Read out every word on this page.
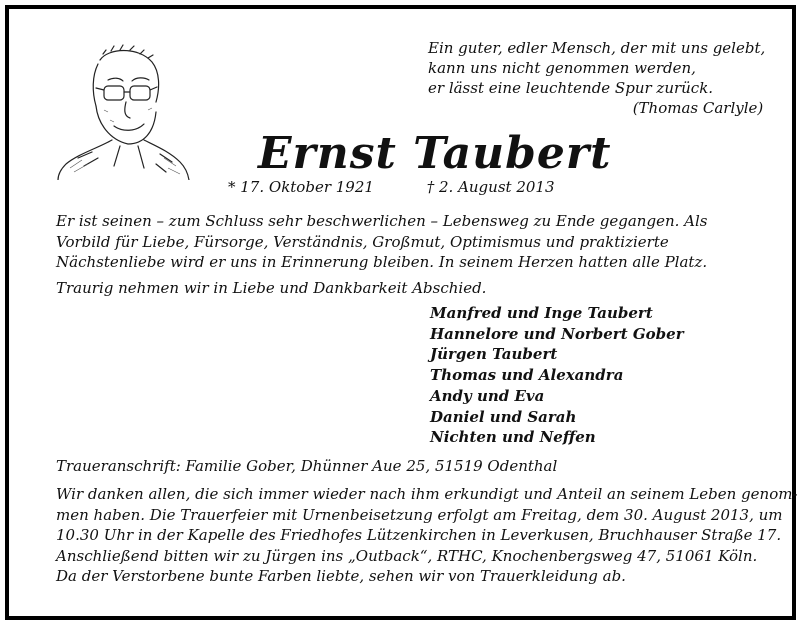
Ein guter, edler Mensch, der mit uns gelebt,
kann uns nicht genommen werden,
er lässt eine leuchtende Spur zurück.
(Thomas Carlyle)
Ernst Taubert
* 17. Oktober 1921	† 2. August 2013
Er ist seinen – zum Schluss sehr beschwerlichen – Lebensweg zu Ende gegangen. Als Vorbild für Liebe, Fürsorge, Verständnis, Großmut, Optimismus und praktizierte Nächstenliebe wird er uns in Erinnerung bleiben. In seinem Herzen hatten alle Platz.
Traurig nehmen wir in Liebe und Dankbarkeit Abschied.
Manfred und Inge Taubert
Hannelore und Norbert Gober
Jürgen Taubert
Thomas und Alexandra
Andy und Eva
Daniel und Sarah
Nichten und Neffen
Traueranschrift: Familie Gober, Dhünner Aue 25, 51519 Odenthal
Wir danken allen, die sich immer wieder nach ihm erkundigt und Anteil an seinem Leben genom-
men haben. Die Trauerfeier mit Urnenbeisetzung erfolgt am Freitag, dem 30. August 2013, um
10.30 Uhr in der Kapelle des Friedhofes Lützenkirchen in Leverkusen, Bruchhauser Straße 17.
Anschließend bitten wir zu Jürgen ins „Outback“, RTHC, Knochenbergsweg 47, 51061 Köln.
Da der Verstorbene bunte Farben liebte, sehen wir von Trauerkleidung ab.
